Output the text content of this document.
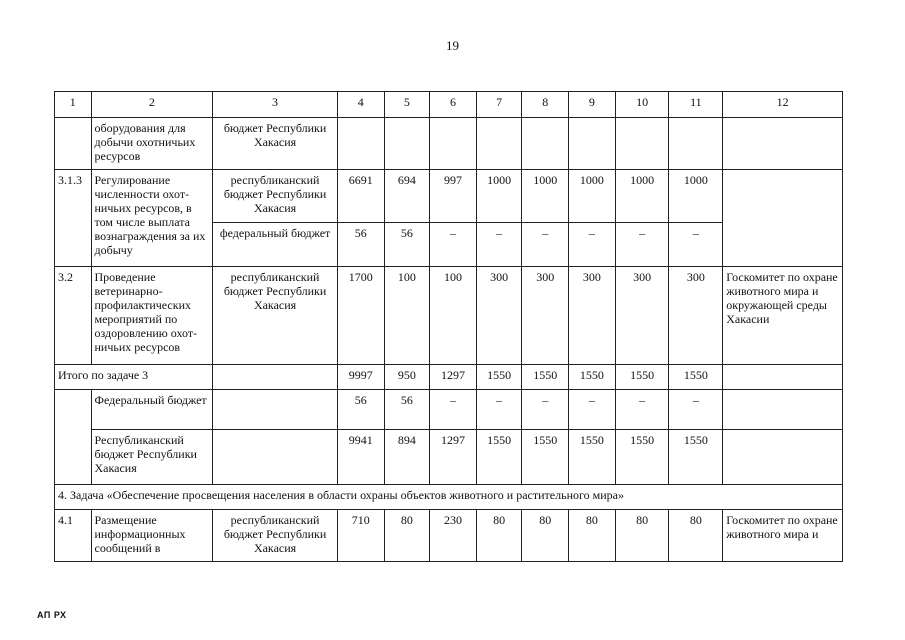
19
1	2	3	4	5	6	7	8	9	10	11	12
	оборудования для добычи охотничьих ресурсов	бюджет Республики Хакасия									
3.1.3	Регулирование численности охот-ничьих ресурсов, в том числе выплата вознаграждения за их добычу	республиканский бюджет Республики Хакасия	6691	694	997	1000	1000	1000	1000	1000	
		федеральный бюджет	56	56	–	–	–	–	–	–	
3.2	Проведение ветеринарно-профилактических мероприятий по оздоровлению охот-ничьих ресурсов	республиканский бюджет Республики Хакасия	1700	100	100	300	300	300	300	300	Госкомитет по охране животного мира и окружающей среды Хакасии
Итого по задаче 3			9997	950	1297	1550	1550	1550	1550	1550	
	Федеральный бюджет		56	56	–	–	–	–	–	–	
	Республиканский бюджет Республики Хакасия		9941	894	1297	1550	1550	1550	1550	1550	
4. Задача «Обеспечение просвещения населения в области охраны объектов животного и растительного мира»											
4.1	Размещение информационных сообщений в	республиканский бюджет Республики Хакасия	710	80	230	80	80	80	80	80	Госкомитет по охране животного мира и
АП РХ
